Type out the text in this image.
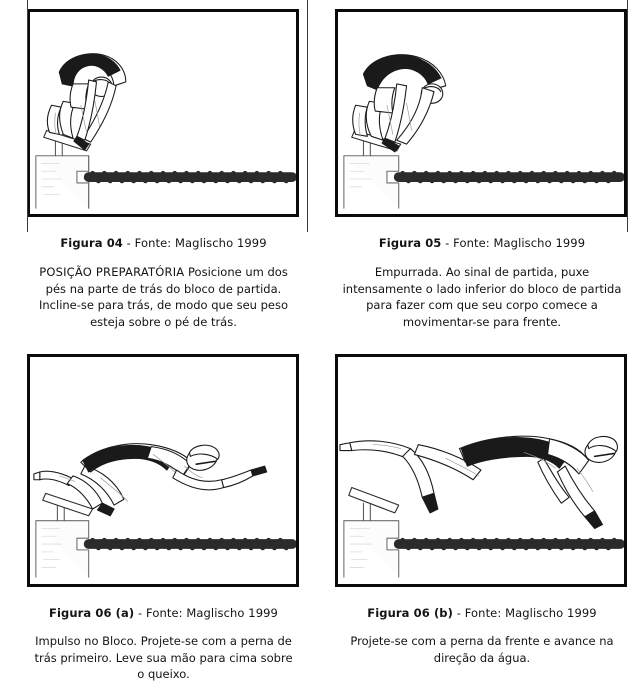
Figura 04 - Fonte: Maglischo 1999
POSIÇÃO PREPARATÓRIA Posicione um dos pés na parte de trás do bloco de partida. Incline-se para trás, de modo que seu peso esteja sobre o pé de trás.
Figura 05 - Fonte: Maglischo 1999
Empurrada. Ao sinal de partida, puxe intensamente o lado inferior do bloco de partida para fazer com que seu corpo comece a movimentar-se para frente.
Figura 06 (a) - Fonte: Maglischo 1999
Impulso no Bloco. Projete-se com a perna de trás primeiro. Leve sua mão para cima sobre o queixo.
Figura 06 (b) - Fonte: Maglischo 1999
Projete-se com a perna da frente e avance na direção da água.
